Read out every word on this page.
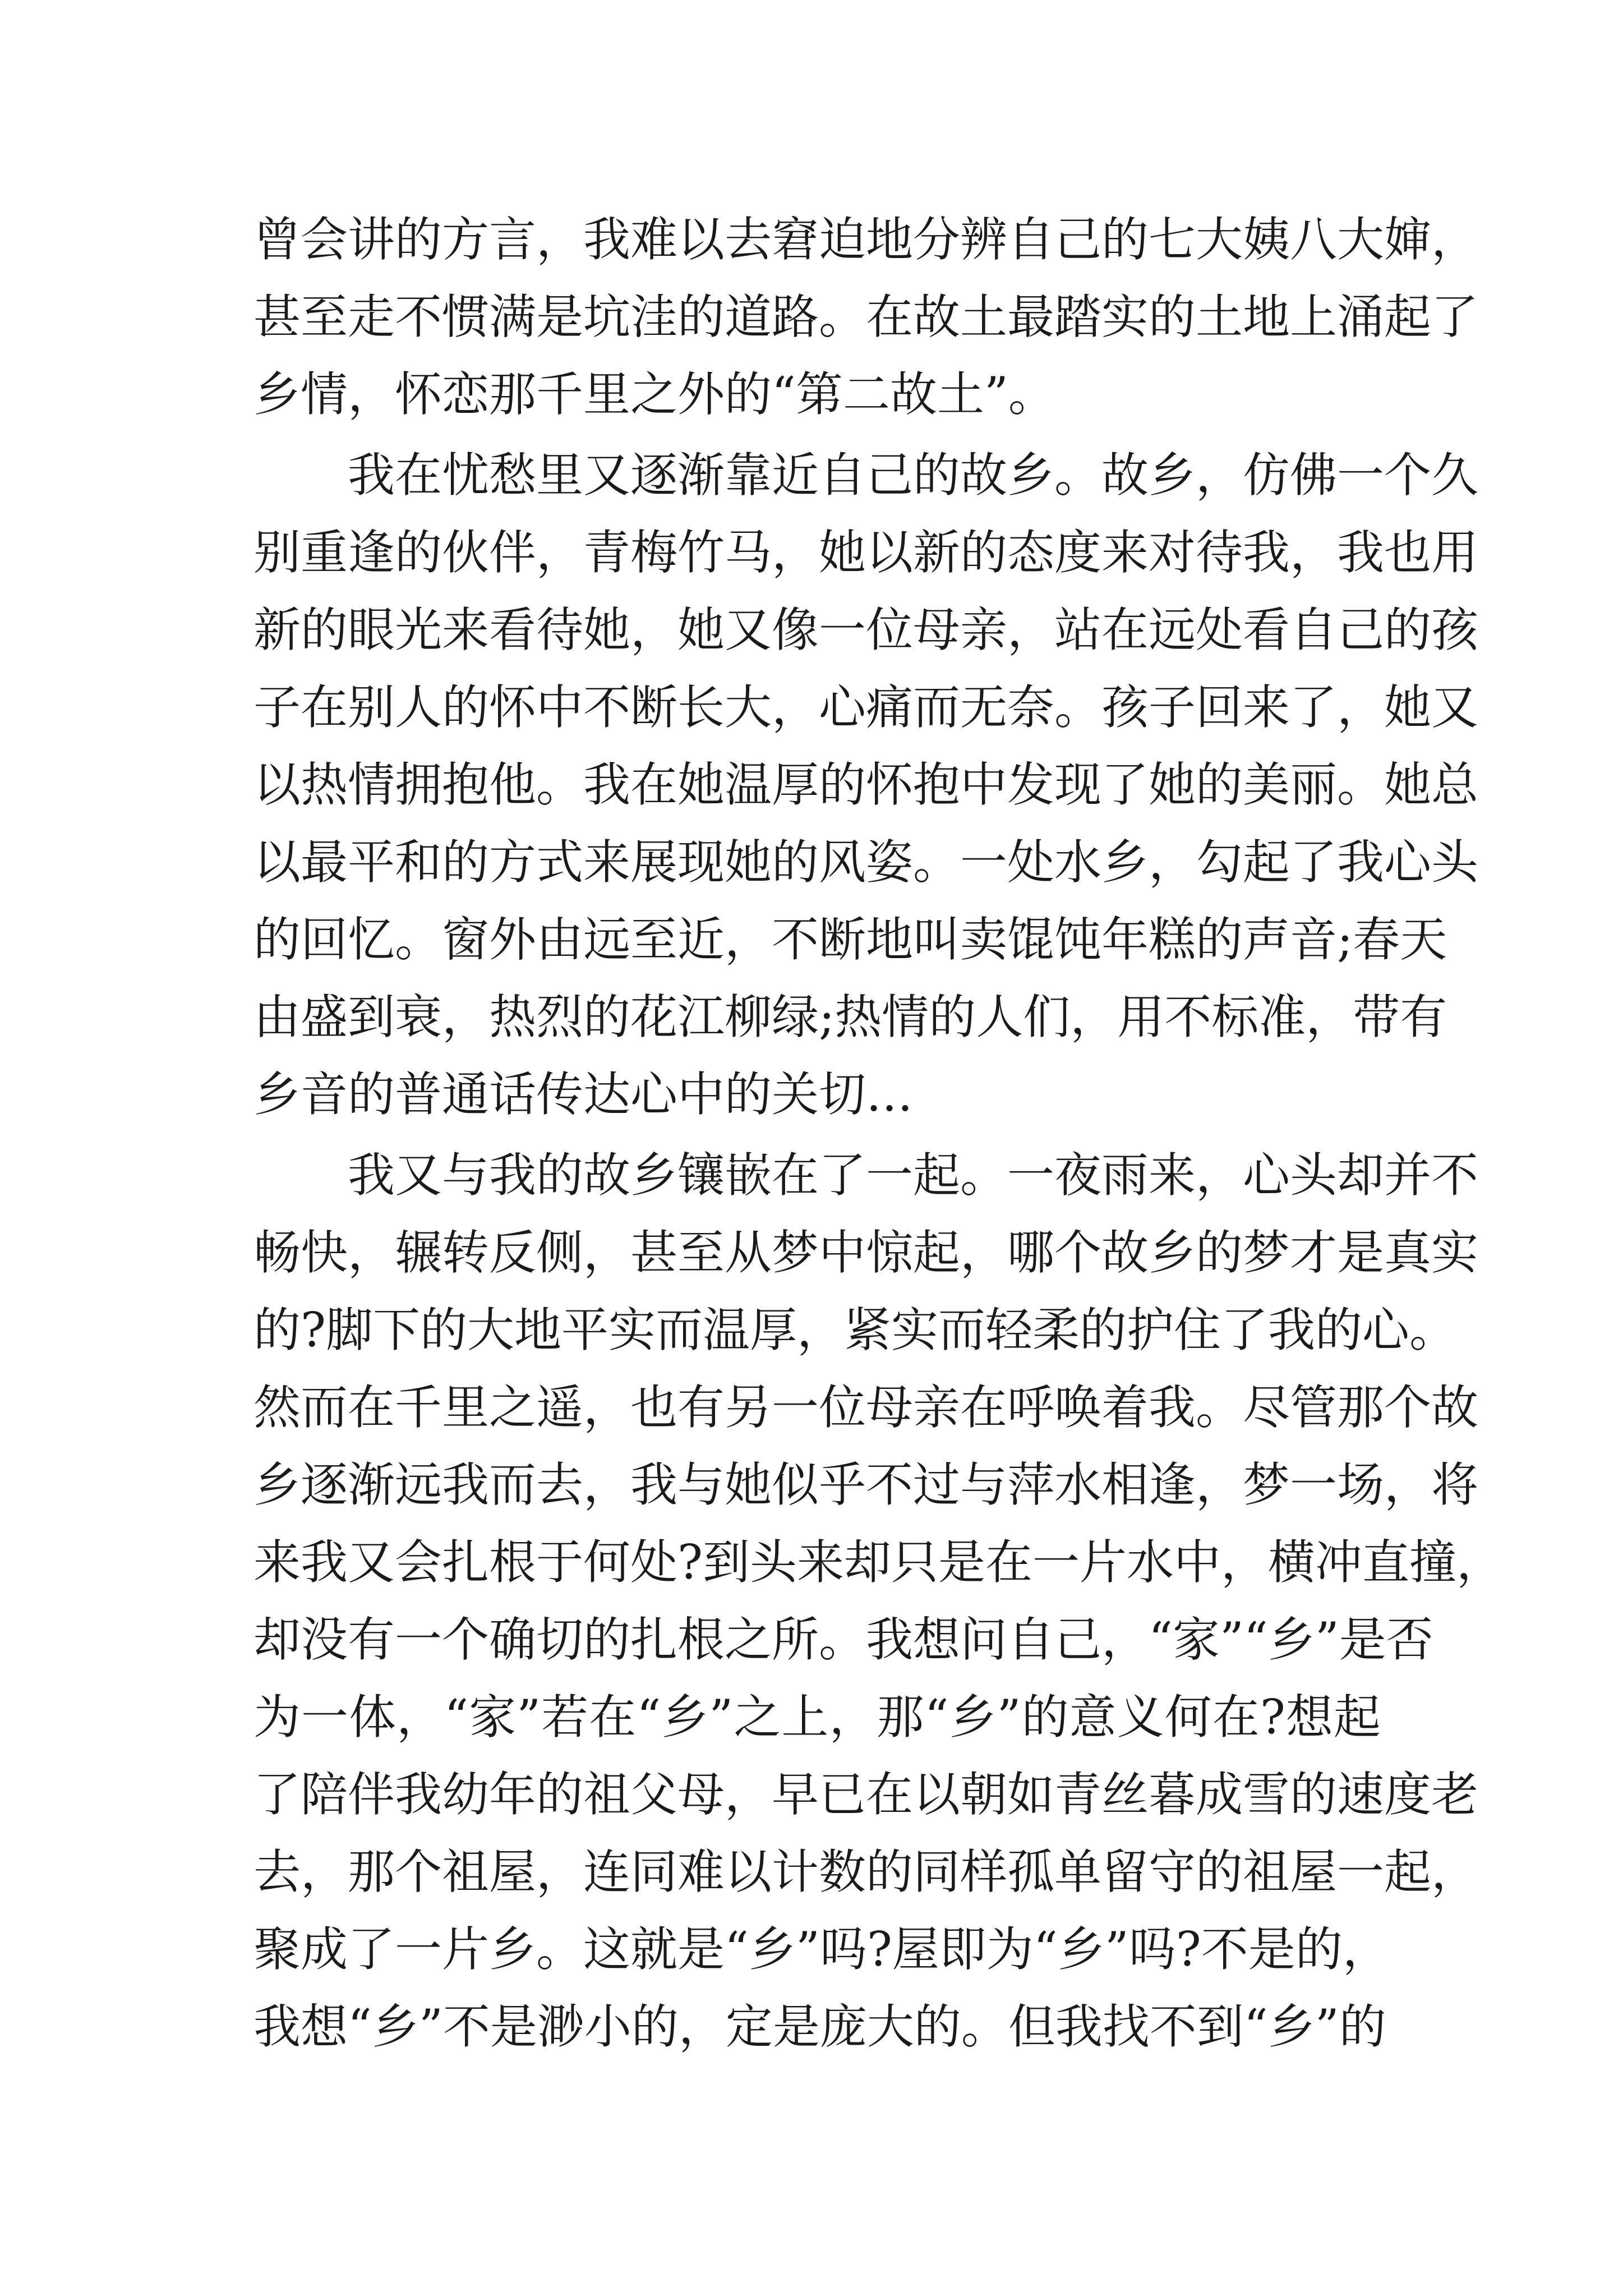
曾会讲的方言，我难以去窘迫地分辨自己的七大姨八大婶，
甚至走不惯满是坑洼的道路。在故土最踏实的土地上涌起了
乡情，怀恋那千里之外的“第二故土”。
我在忧愁里又逐渐靠近自己的故乡。故乡，仿佛一个久
别重逢的伙伴，青梅竹马，她以新的态度来对待我，我也用
新的眼光来看待她，她又像一位母亲，站在远处看自己的孩
子在别人的怀中不断长大，心痛而无奈。孩子回来了，她又
以热情拥抱他。我在她温厚的怀抱中发现了她的美丽。她总
以最平和的方式来展现她的风姿。一处水乡，勾起了我心头
的回忆。窗外由远至近，不断地叫卖馄饨年糕的声音;春天
由盛到衰，热烈的花江柳绿;热情的人们，用不标准，带有
乡音的普通话传达心中的关切…
我又与我的故乡镶嵌在了一起。一夜雨来，心头却并不
畅快，辗转反侧，甚至从梦中惊起，哪个故乡的梦才是真实
的?脚下的大地平实而温厚，紧实而轻柔的护住了我的心。
然而在千里之遥，也有另一位母亲在呼唤着我。尽管那个故
乡逐渐远我而去，我与她似乎不过与萍水相逢，梦一场，将
来我又会扎根于何处?到头来却只是在一片水中，横冲直撞，
却没有一个确切的扎根之所。我想问自己，“家”“乡”是否
为一体，“家”若在“乡”之上，那“乡”的意义何在?想起
了陪伴我幼年的祖父母，早已在以朝如青丝暮成雪的速度老
去，那个祖屋，连同难以计数的同样孤单留守的祖屋一起，
聚成了一片乡。这就是“乡”吗?屋即为“乡”吗?不是的，
我想“乡”不是渺小的，定是庞大的。但我找不到“乡”的
